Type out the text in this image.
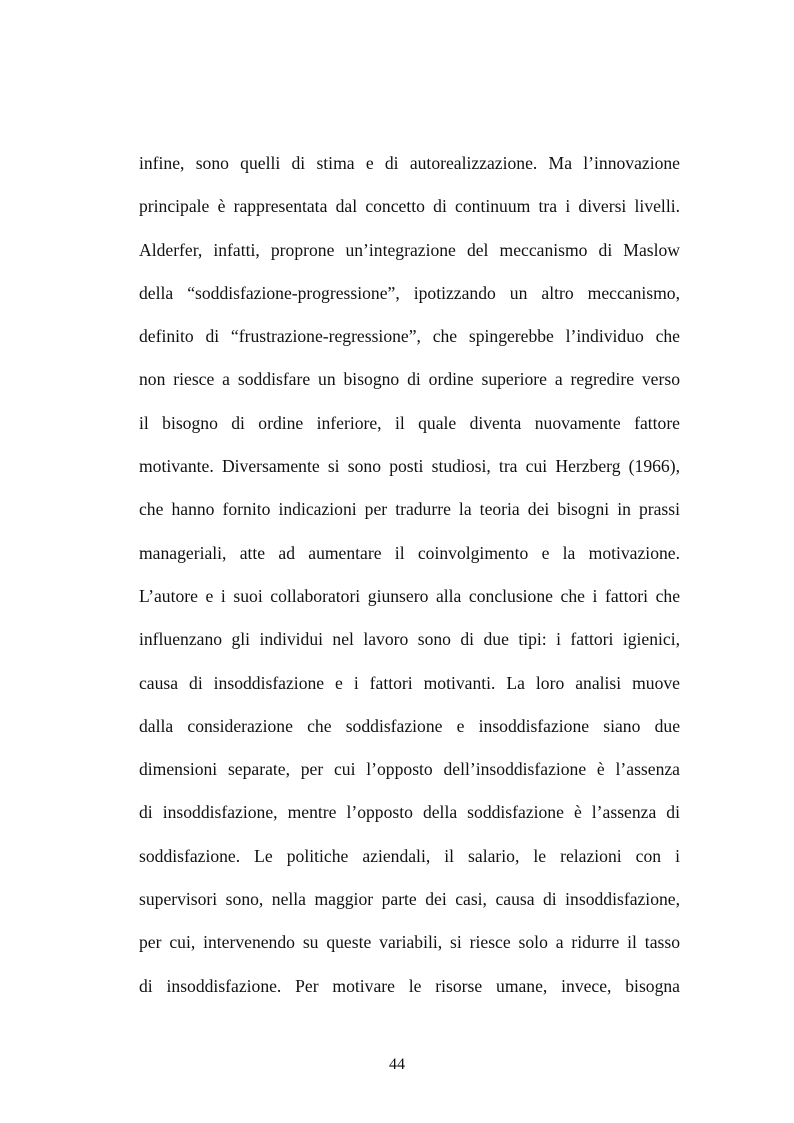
infine, sono quelli di stima e di autorealizzazione. Ma l’innovazione
principale è rappresentata dal concetto di continuum tra i diversi livelli.
Alderfer, infatti, proprone un’integrazione del meccanismo di Maslow
della “soddisfazione-progressione”, ipotizzando un altro meccanismo,
definito di “frustrazione-regressione”, che spingerebbe l’individuo che
non riesce a soddisfare un bisogno di ordine superiore a regredire verso
il bisogno di ordine inferiore, il quale diventa nuovamente fattore
motivante. Diversamente si sono posti studiosi, tra cui Herzberg (1966),
che hanno fornito indicazioni per tradurre la teoria dei bisogni in prassi
manageriali, atte ad aumentare il coinvolgimento e la motivazione.
L’autore e i suoi collaboratori giunsero alla conclusione che i fattori che
influenzano gli individui nel lavoro sono di due tipi: i fattori igienici,
causa di insoddisfazione e i fattori motivanti. La loro analisi muove
dalla considerazione che soddisfazione e insoddisfazione siano due
dimensioni separate, per cui l’opposto dell’insoddisfazione è l’assenza
di insoddisfazione, mentre l’opposto della soddisfazione è l’assenza di
soddisfazione. Le politiche aziendali, il salario, le relazioni con i
supervisori sono, nella maggior parte dei casi, causa di insoddisfazione,
per cui, intervenendo su queste variabili, si riesce solo a ridurre il tasso
di insoddisfazione. Per motivare le risorse umane, invece, bisogna
44
